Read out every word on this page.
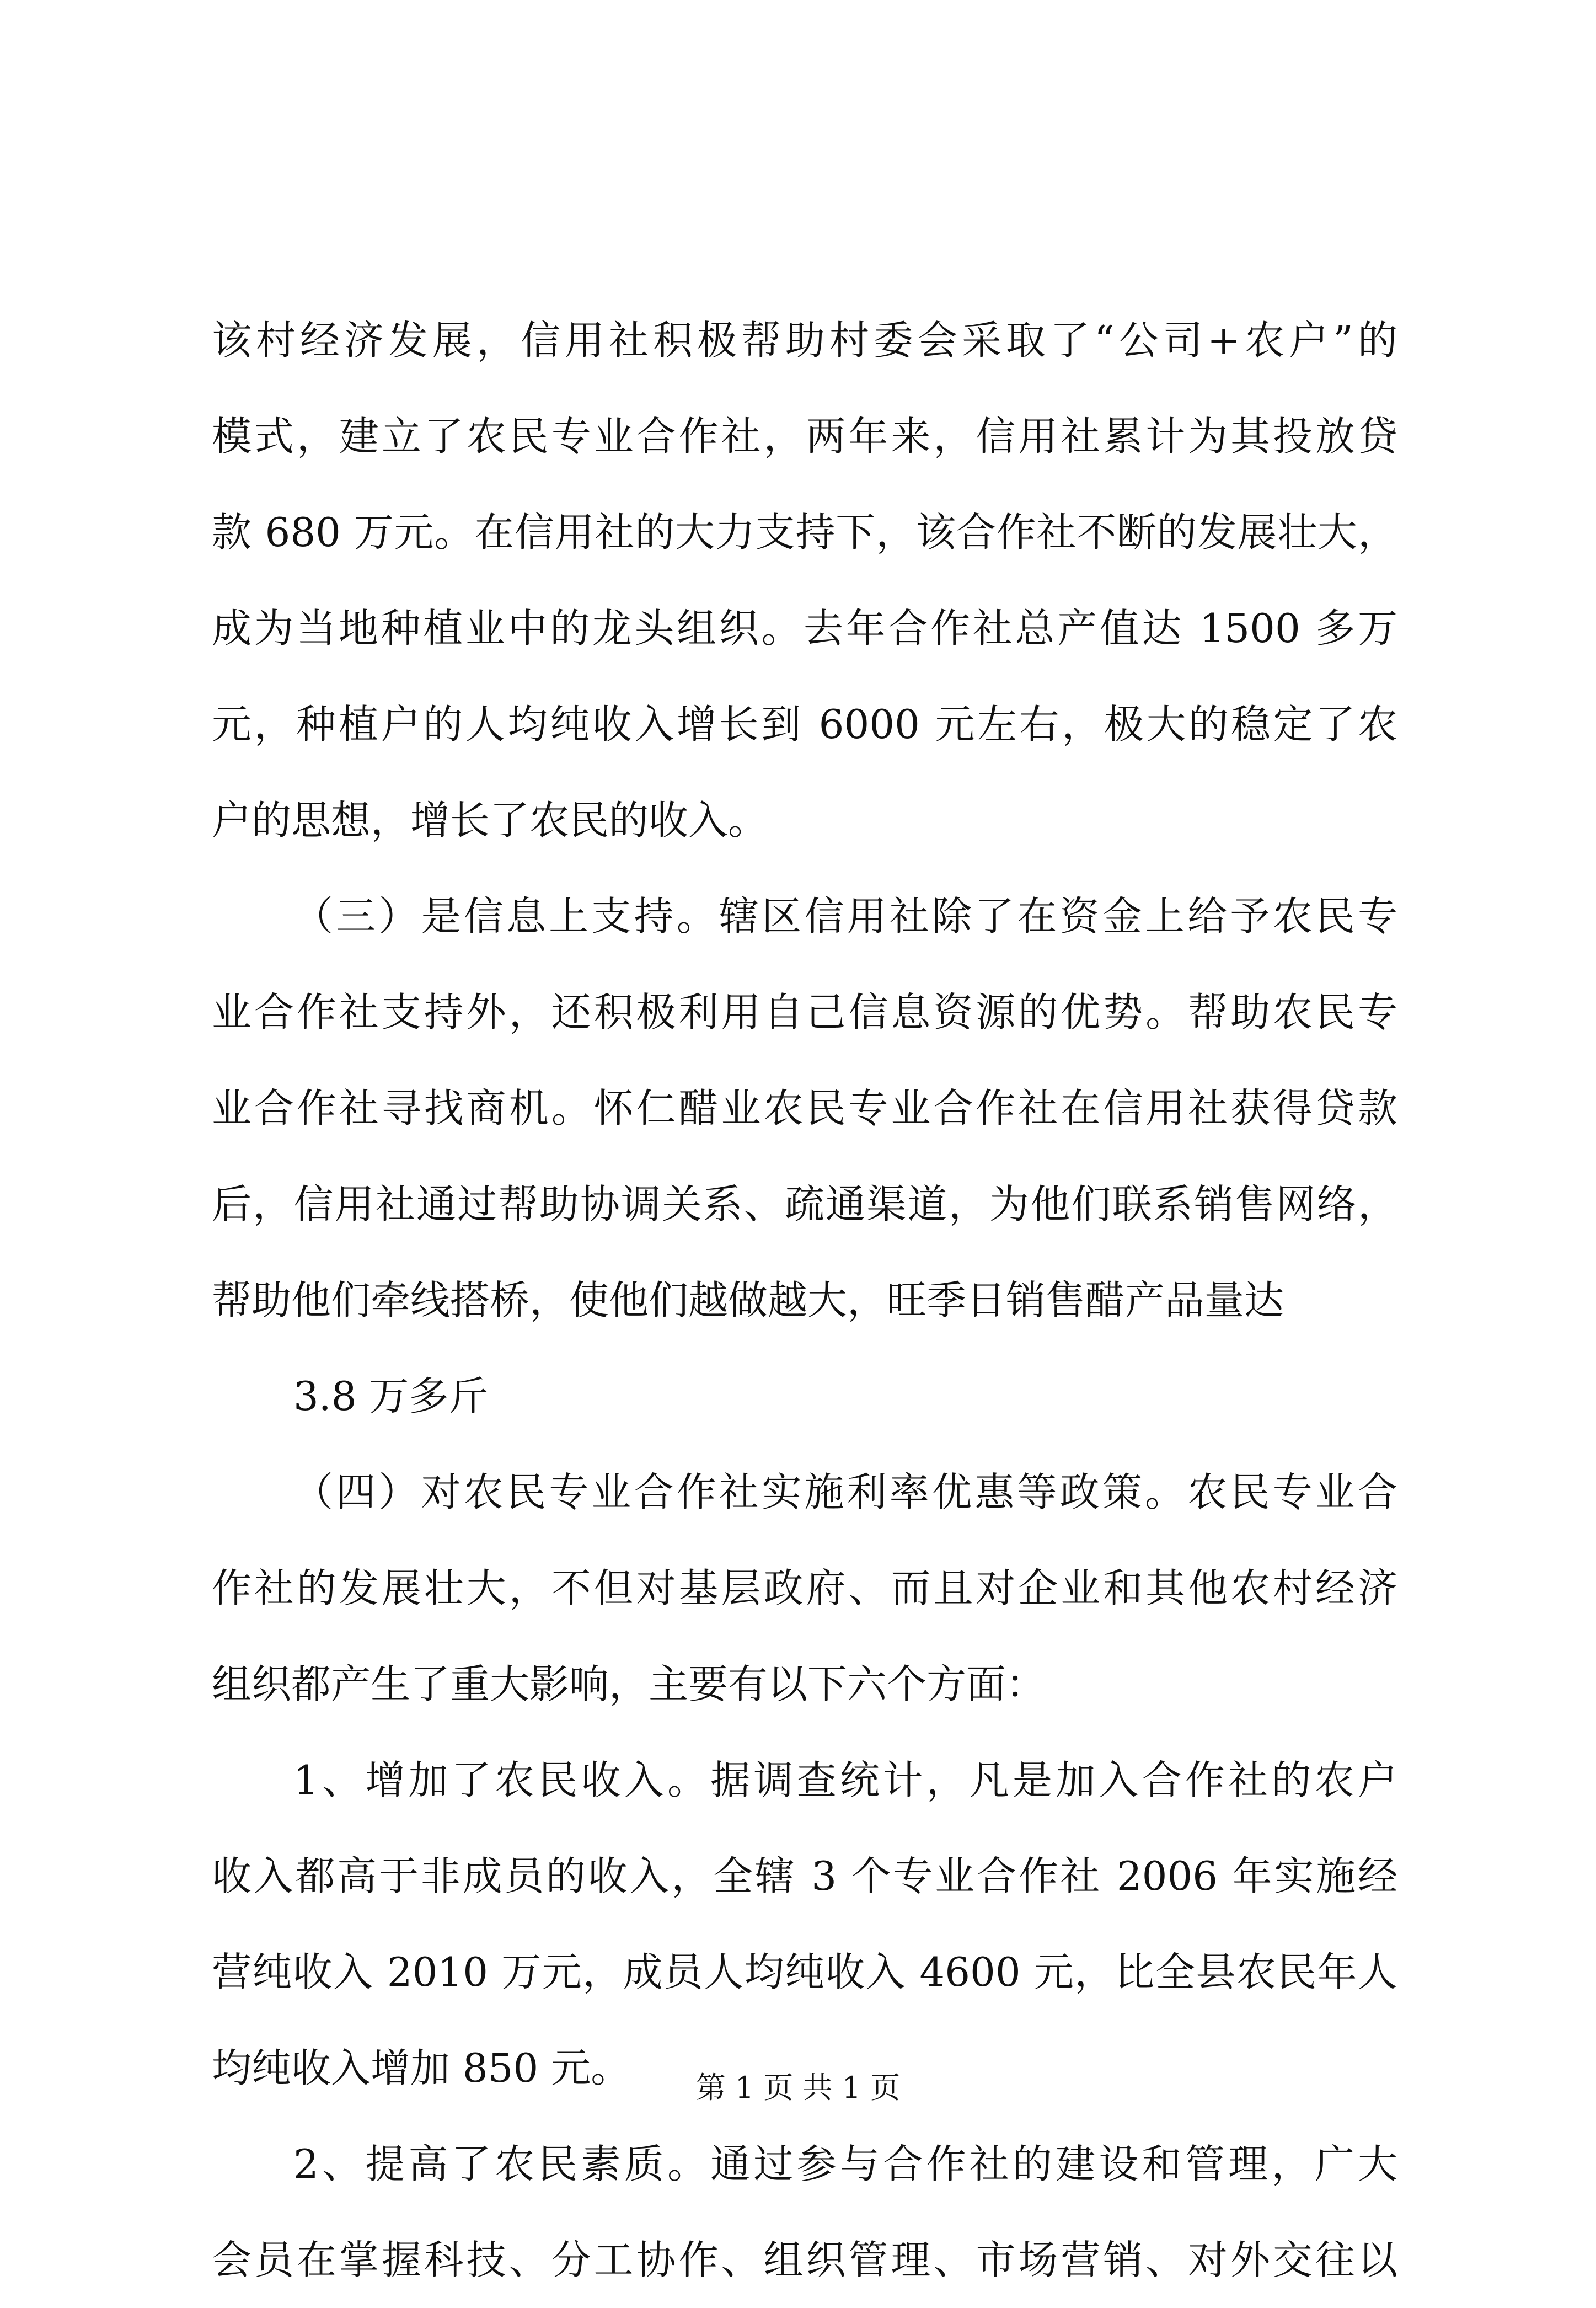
该村经济发展，信用社积极帮助村委会采取了“公司+农户”的
模式，建立了农民专业合作社，两年来，信用社累计为其投放贷
款 680 万元。在信用社的大力支持下，该合作社不断的发展壮大，
成为当地种植业中的龙头组织。去年合作社总产值达 1500 多万
元，种植户的人均纯收入增长到 6000 元左右，极大的稳定了农
户的思想，增长了农民的收入。
（三）是信息上支持。辖区信用社除了在资金上给予农民专
业合作社支持外，还积极利用自己信息资源的优势。帮助农民专
业合作社寻找商机。怀仁醋业农民专业合作社在信用社获得贷款
后，信用社通过帮助协调关系、疏通渠道，为他们联系销售网络，
帮助他们牵线搭桥，使他们越做越大，旺季日销售醋产品量达
3.8 万多斤
（四）对农民专业合作社实施利率优惠等政策。农民专业合
作社的发展壮大，不但对基层政府、而且对企业和其他农村经济
组织都产生了重大影响，主要有以下六个方面：
1、增加了农民收入。据调查统计，凡是加入合作社的农户
收入都高于非成员的收入，全辖 3 个专业合作社 2006 年实施经
营纯收入 2010 万元，成员人均纯收入 4600 元，比全县农民年人
均纯收入增加 850 元。
2、提高了农民素质。通过参与合作社的建设和管理，广大
会员在掌握科技、分工协作、组织管理、市场营销、对外交往以
第 1 页 共 1 页
